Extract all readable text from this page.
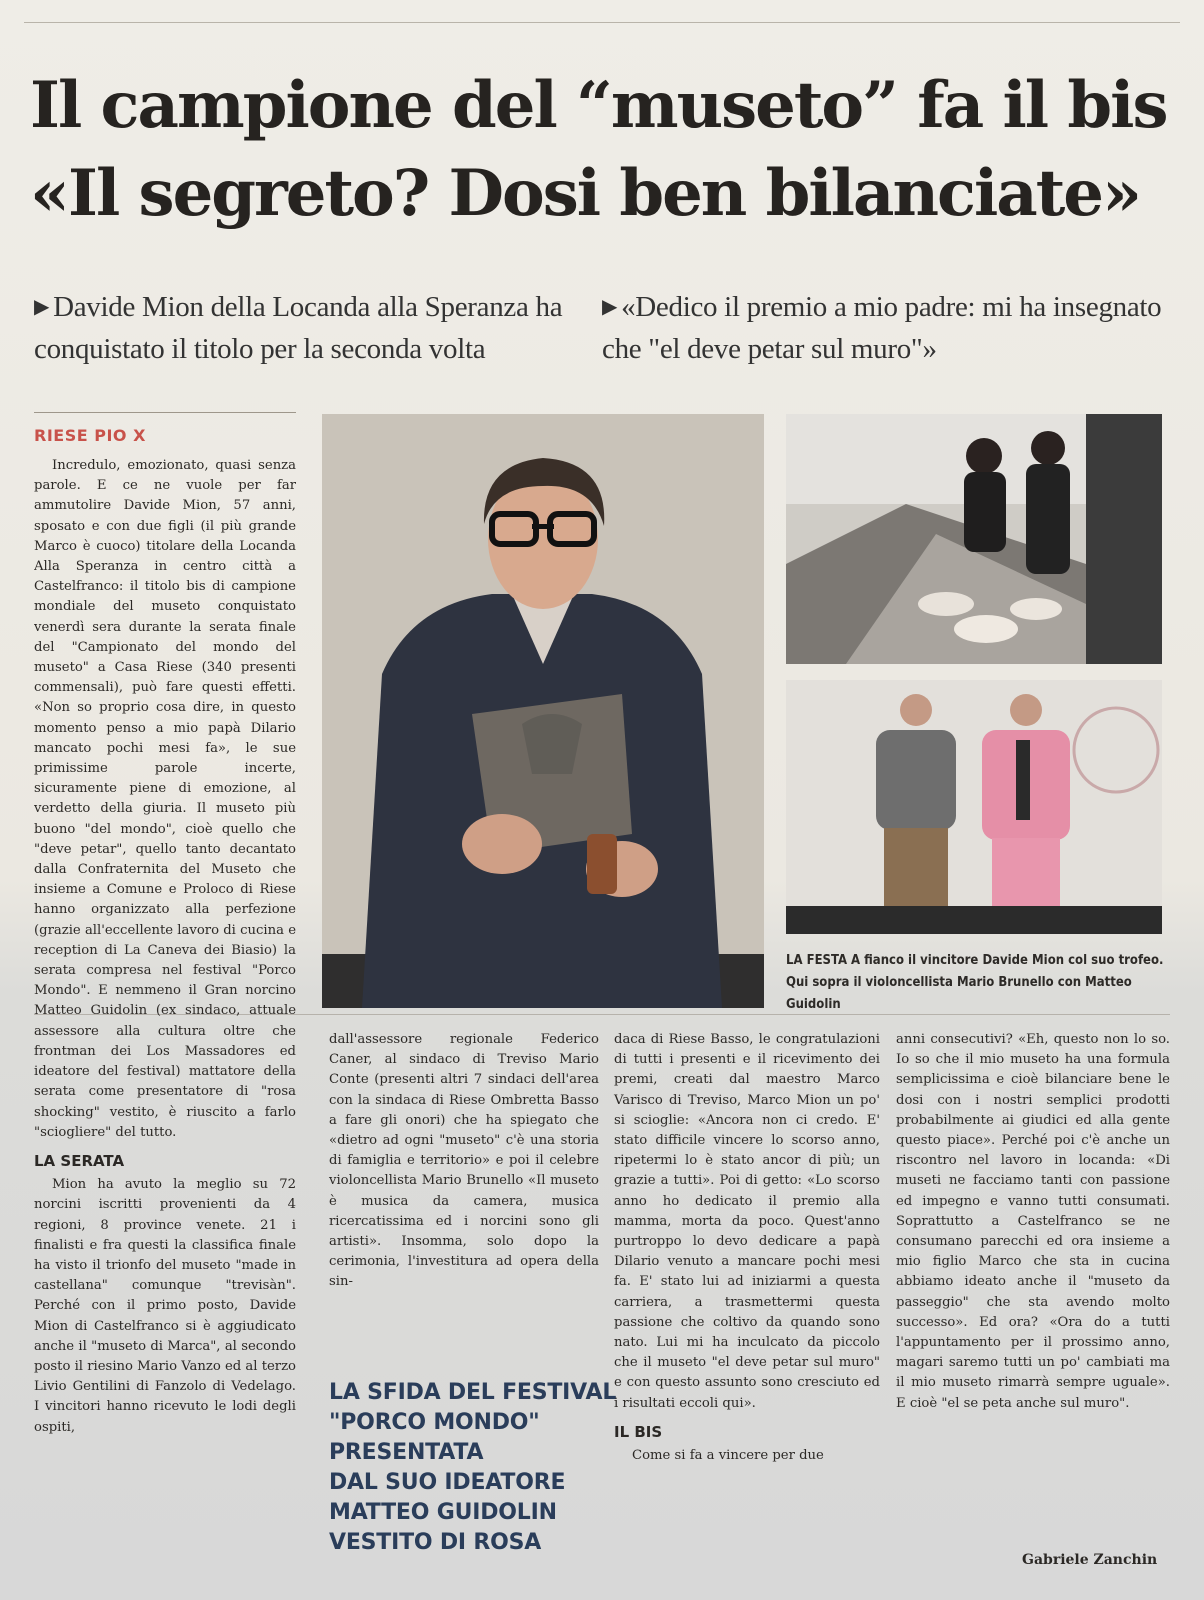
Il campione del “museto” fa il bis
«Il segreto? Dosi ben bilanciate»
▶ Davide Mion della Locanda alla Speranza ha conquistato il titolo per la seconda volta
▶ «Dedico il premio a mio padre: mi ha insegnato che "el deve petar sul muro"»
RIESE PIO X

Incredulo, emozionato, quasi senza parole. E ce ne vuole per far ammutolire Davide Mion, 57 anni, sposato e con due figli (il più grande Marco è cuoco) titolare della Locanda Alla Speranza in centro città a Castelfranco: il titolo bis di campione mondiale del museto conquistato venerdì sera durante la serata finale del "Campionato del mondo del museto" a Casa Riese (340 presenti commensali), può fare questi effetti. «Non so proprio cosa dire, in questo momento penso a mio papà Dilario mancato pochi mesi fa», le sue primissime parole incerte, sicuramente piene di emozione, al verdetto della giuria. Il museto più buono "del mondo", cioè quello che "deve petar", quello tanto decantato dalla Confraternita del Museto che insieme a Comune e Proloco di Riese hanno organizzato alla perfezione (grazie all'eccellente lavoro di cucina e reception di La Caneva dei Biasio) la serata compresa nel festival "Porco Mondo". E nemmeno il Gran norcino Matteo Guidolin (ex sindaco, attuale assessore alla cultura oltre che frontman dei Los Massadores ed ideatore del festival) mattatore della serata come presentatore di "rosa shocking" vestito, è riuscito a farlo "sciogliere" del tutto.

LA SERATA

Mion ha avuto la meglio su 72 norcini iscritti provenienti da 4 regioni, 8 province venete. 21 i finalisti e fra questi la classifica finale ha visto il trionfo del museto "made in castellana" comunque "trevisàn". Perché con il primo posto, Davide Mion di Castelfranco si è aggiudicato anche il "museto di Marca", al secondo posto il riesino Mario Vanzo ed al terzo Livio Gentilini di Fanzolo di Vedelago. I vincitori hanno ricevuto le lodi degli ospiti,

LA FESTA A fianco il vincitore Davide Mion col suo trofeo. Qui sopra il violoncellista Mario Brunello con Matteo Guidolin

dall'assessore regionale Federico Caner, al sindaco di Treviso Mario Conte (presenti altri 7 sindaci dell'area con la sindaca di Riese Ombretta Basso a fare gli onori) che ha spiegato che «dietro ad ogni "museto" c'è una storia di famiglia e territorio» e poi il celebre violoncellista Mario Brunello «Il museto è musica da camera, musica ricercatissima ed i norcini sono gli artisti». Insomma, solo dopo la cerimonia, l'investitura ad opera della sin-

LA SFIDA DEL FESTIVAL
"PORCO MONDO"
PRESENTATA
DAL SUO IDEATORE
MATTEO GUIDOLIN
VESTITO DI ROSA

daca di Riese Basso, le congratulazioni di tutti i presenti e il ricevimento dei premi, creati dal maestro Marco Varisco di Treviso, Marco Mion un po' si scioglie: «Ancora non ci credo. E' stato difficile vincere lo scorso anno, ripetermi lo è stato ancor di più; un grazie a tutti». Poi di getto: «Lo scorso anno ho dedicato il premio alla mamma, morta da poco. Quest'anno purtroppo lo devo dedicare a papà Dilario venuto a mancare pochi mesi fa. E' stato lui ad iniziarmi a questa carriera, a trasmettermi questa passione che coltivo da quando sono nato. Lui mi ha inculcato da piccolo che il museto "el deve petar sul muro" e con questo assunto sono cresciuto ed i risultati eccoli qui».

IL BIS

Come si fa a vincere per due

anni consecutivi? «Eh, questo non lo so. Io so che il mio museto ha una formula semplicissima e cioè bilanciare bene le dosi con i nostri semplici prodotti probabilmente ai giudici ed alla gente questo piace». Perché poi c'è anche un riscontro nel lavoro in locanda: «Di museti ne facciamo tanti con passione ed impegno e vanno tutti consumati. Soprattutto a Castelfranco se ne consumano parecchi ed ora insieme a mio figlio Marco che sta in cucina abbiamo ideato anche il "museto da passeggio" che sta avendo molto successo». Ed ora? «Ora do a tutti l'appuntamento per il prossimo anno, magari saremo tutti un po' cambiati ma il mio museto rimarrà sempre uguale». E cioè "el se peta anche sul muro".

Gabriele Zanchin
